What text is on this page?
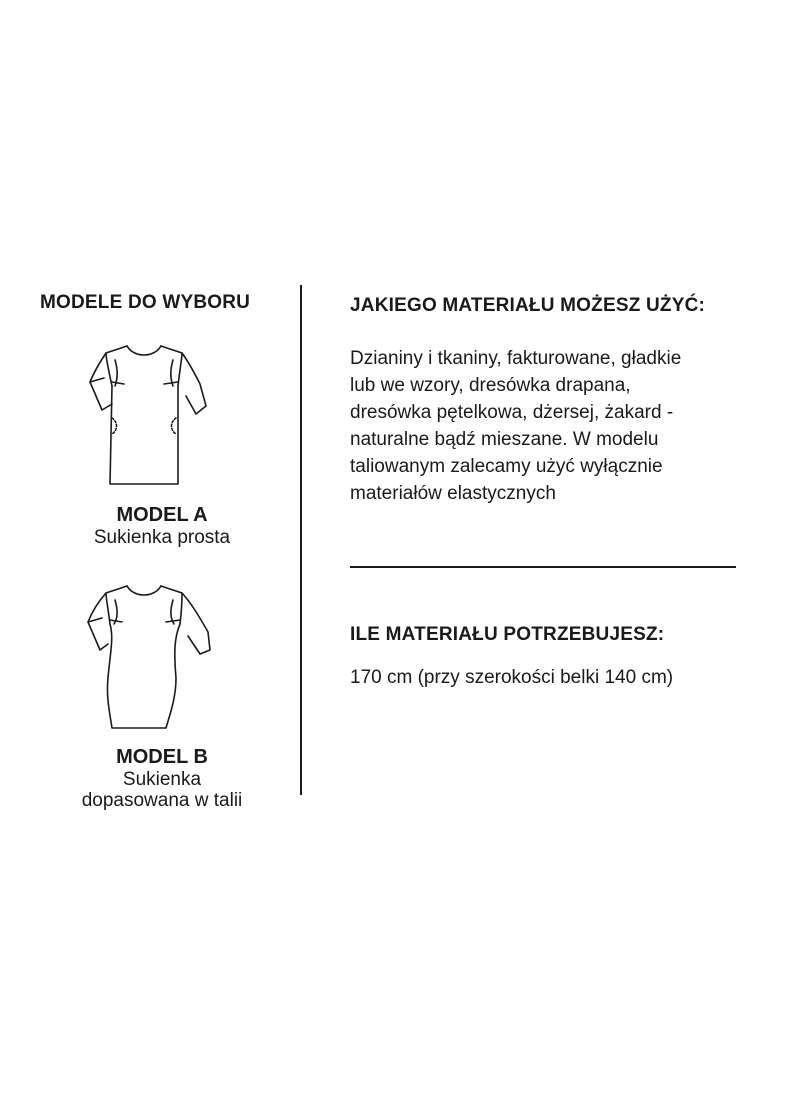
MODELE DO WYBORU
MODEL A
Sukienka prosta
MODEL B
Sukienka
dopasowana w talii
JAKIEGO MATERIAŁU MOŻESZ UŻYĆ:
Dzianiny i tkaniny, fakturowane, gładkie
lub we wzory, dresówka drapana,
dresówka pętelkowa, dżersej, żakard -
naturalne bądź mieszane. W modelu
taliowanym zalecamy użyć wyłącznie
materiałów elastycznych
ILE MATERIAŁU POTRZEBUJESZ:
170 cm (przy szerokości belki 140 cm)
